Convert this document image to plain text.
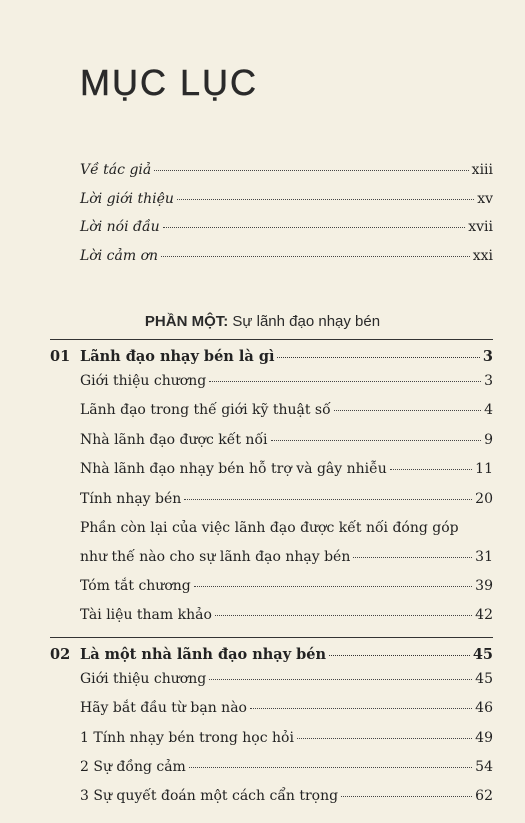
MỤC LỤC
Về tác giả	xiii
Lời giới thiệu	xv
Lời nói đầu	xvii
Lời cảm ơn	xxi
PHẦN MỘT: Sự lãnh đạo nhạy bén
01 Lãnh đạo nhạy bén là gì	3
Giới thiệu chương	3
Lãnh đạo trong thế giới kỹ thuật số	4
Nhà lãnh đạo được kết nối	9
Nhà lãnh đạo nhạy bén hỗ trợ và gây nhiễu	11
Tính nhạy bén	20
Phần còn lại của việc lãnh đạo được kết nối đóng góp
như thế nào cho sự lãnh đạo nhạy bén	31
Tóm tắt chương	39
Tài liệu tham khảo	42
02 Là một nhà lãnh đạo nhạy bén	45
Giới thiệu chương	45
Hãy bắt đầu từ bạn nào	46
1 Tính nhạy bén trong học hỏi	49
2 Sự đồng cảm	54
3 Sự quyết đoán một cách cẩn trọng	62
